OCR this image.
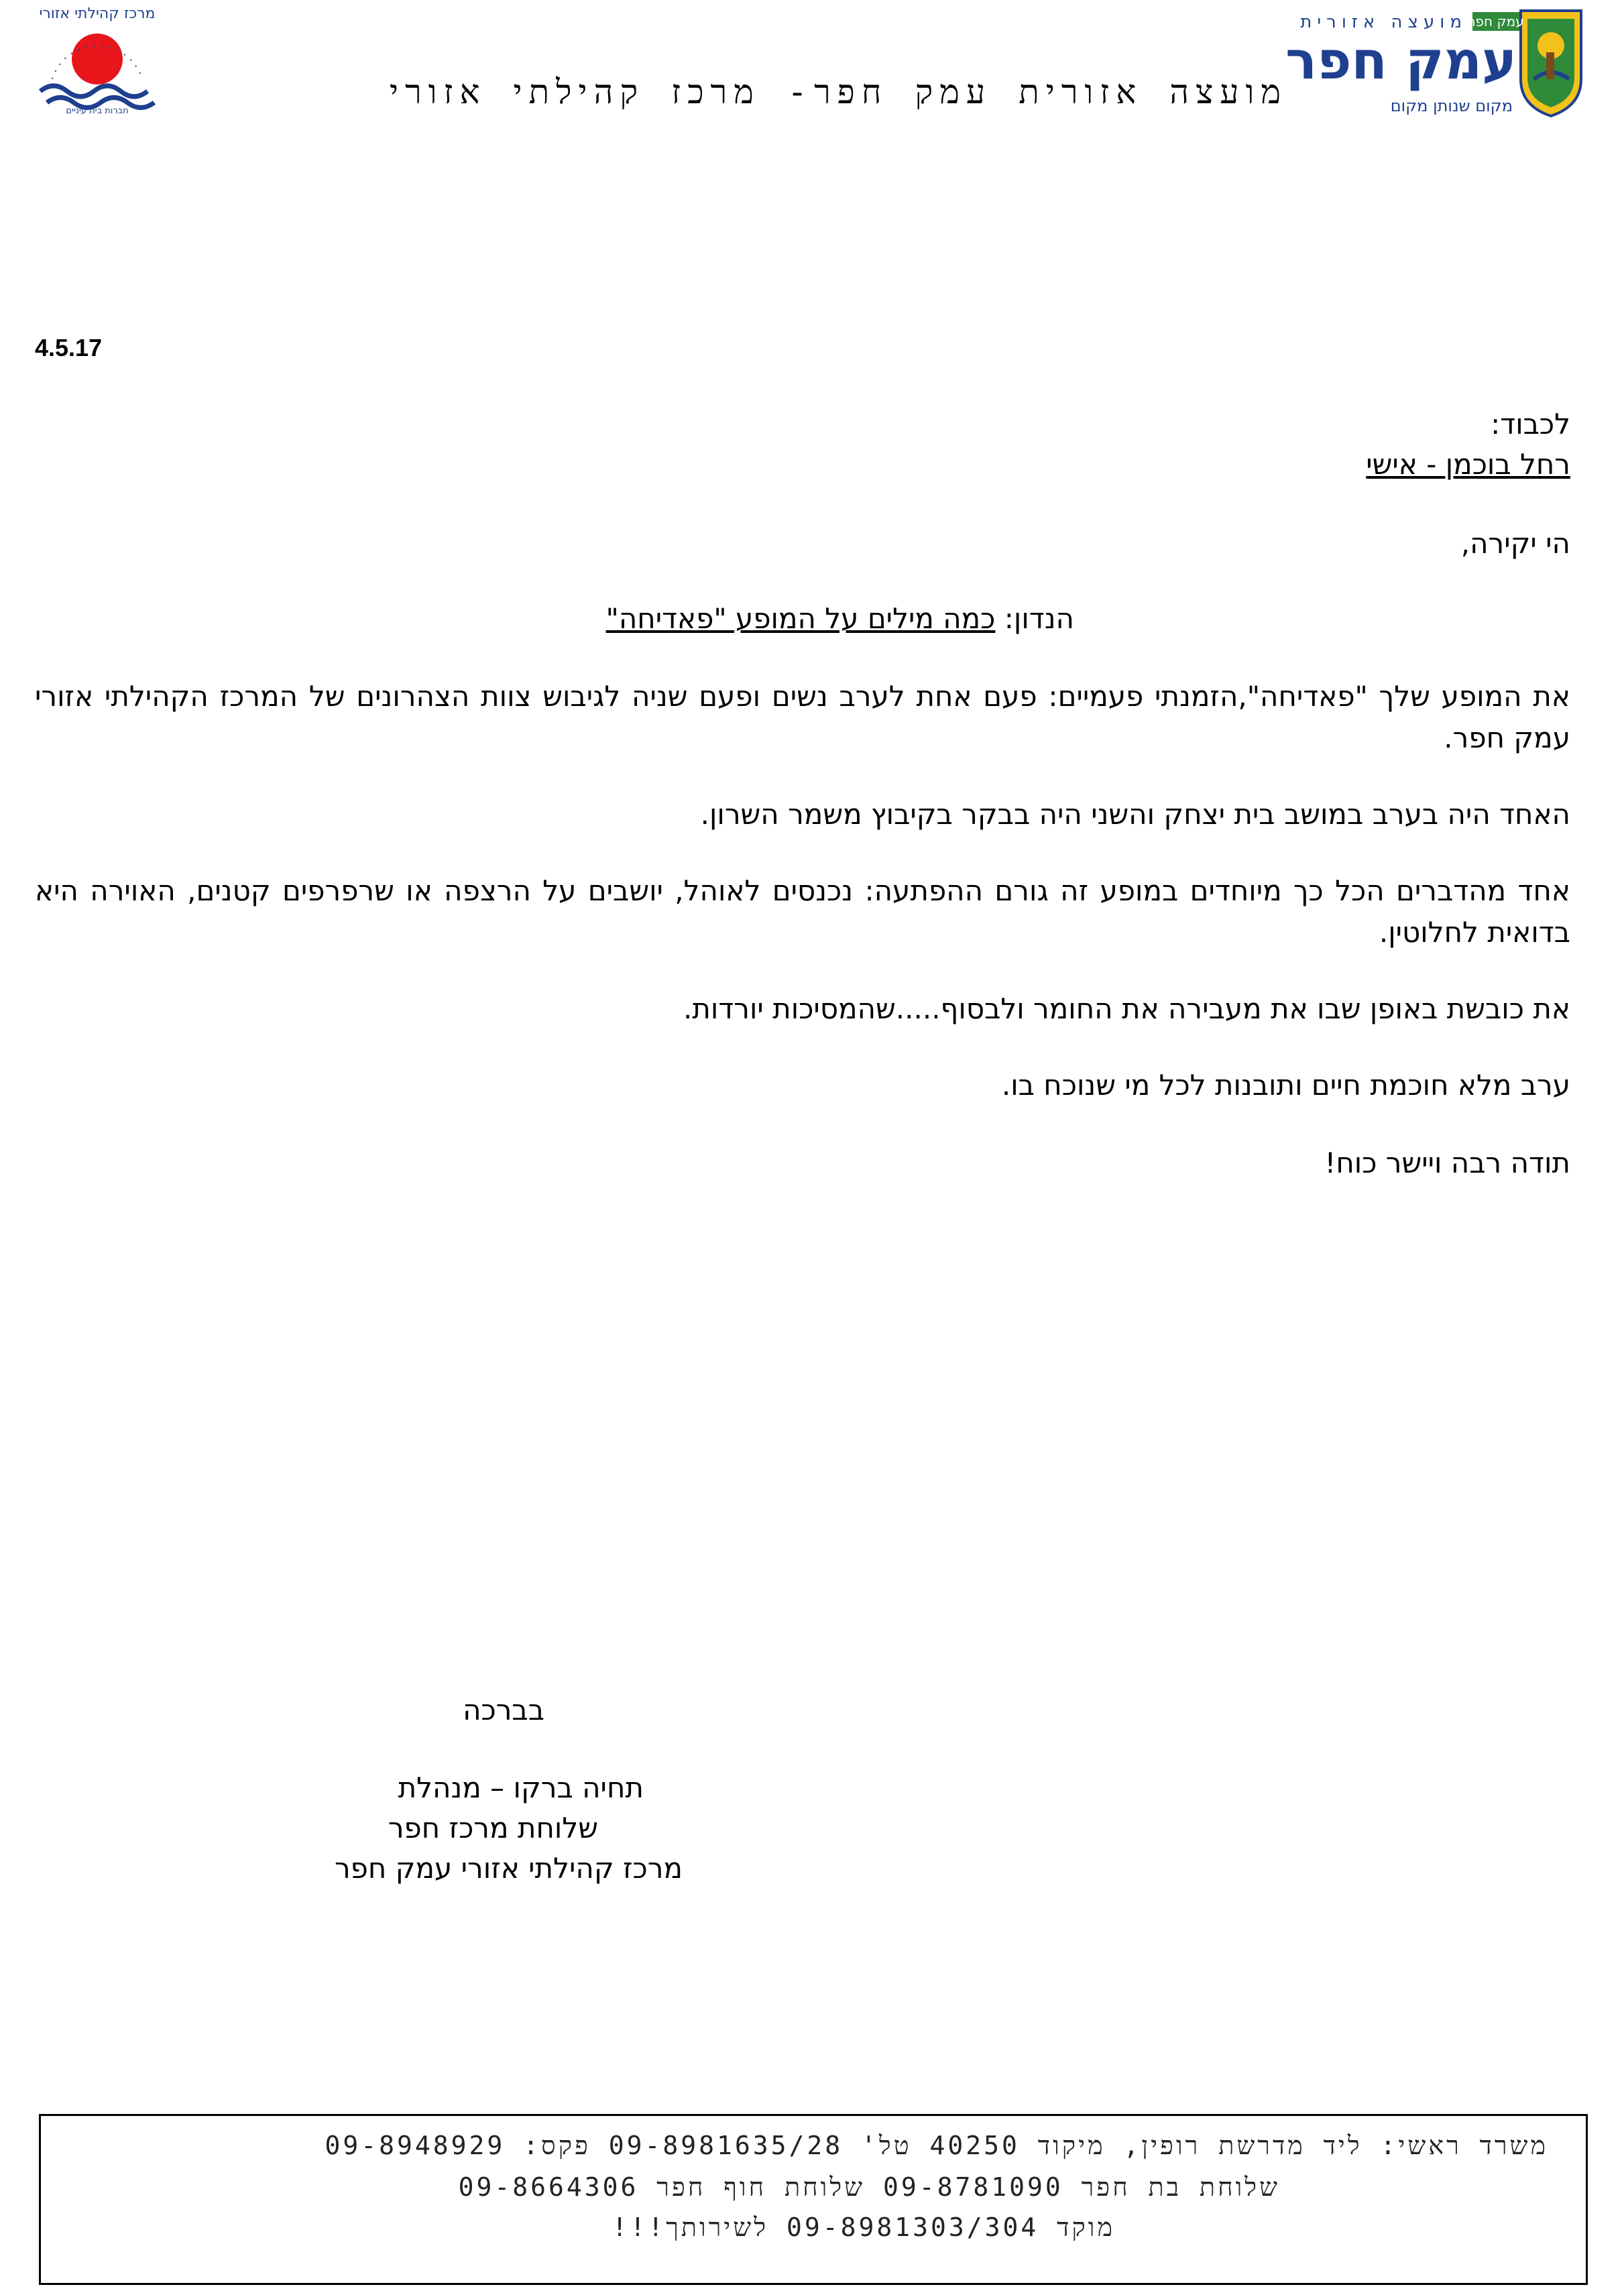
עמק חפר
מועצה אזורית
עמק חפר
מקום שנותן מקום
מרכז קהילתי אזורי
חברות בית עיניים	מועצה אזורית עמק חפר- מרכז קהילתי אזורי
4.5.17
לכבוד:
רחל בוכמן - אישי
הי יקירה,
הנדון: כמה מילים על המופע "פאדיחה"
את המופע שלך "פאדיחה",הזמנתי פעמיים: פעם אחת לערב נשים ופעם שניה לגיבוש צוות הצהרונים של המרכז הקהילתי אזורי עמק חפר.
האחד היה בערב במושב בית יצחק והשני היה בבקר בקיבוץ משמר השרון.
אחד מהדברים הכל כך מיוחדים במופע זה גורם ההפתעה: נכנסים לאוהל, יושבים על הרצפה או שרפרפים קטנים, האוירה היא בדואית לחלוטין.
את כובשת באופן שבו את מעבירה את החומר ולבסוף.....שהמסיכות יורדות.
ערב מלא חוכמת חיים ותובנות לכל מי שנוכח בו.
תודה רבה ויישר כוח!
בברכה
תחיה ברקו – מנהלת
שלוחת מרכז חפר
מרכז קהילתי אזורי עמק חפר
משרד ראשי: ליד מדרשת רופין, מיקוד 40250 טל' 09-8981635/28 פקס: 09-8948929
שלוחת בת חפר 09-8781090 שלוחת חוף חפר 09-8664306
מוקד 09-8981303/304 לשירותך!!!
